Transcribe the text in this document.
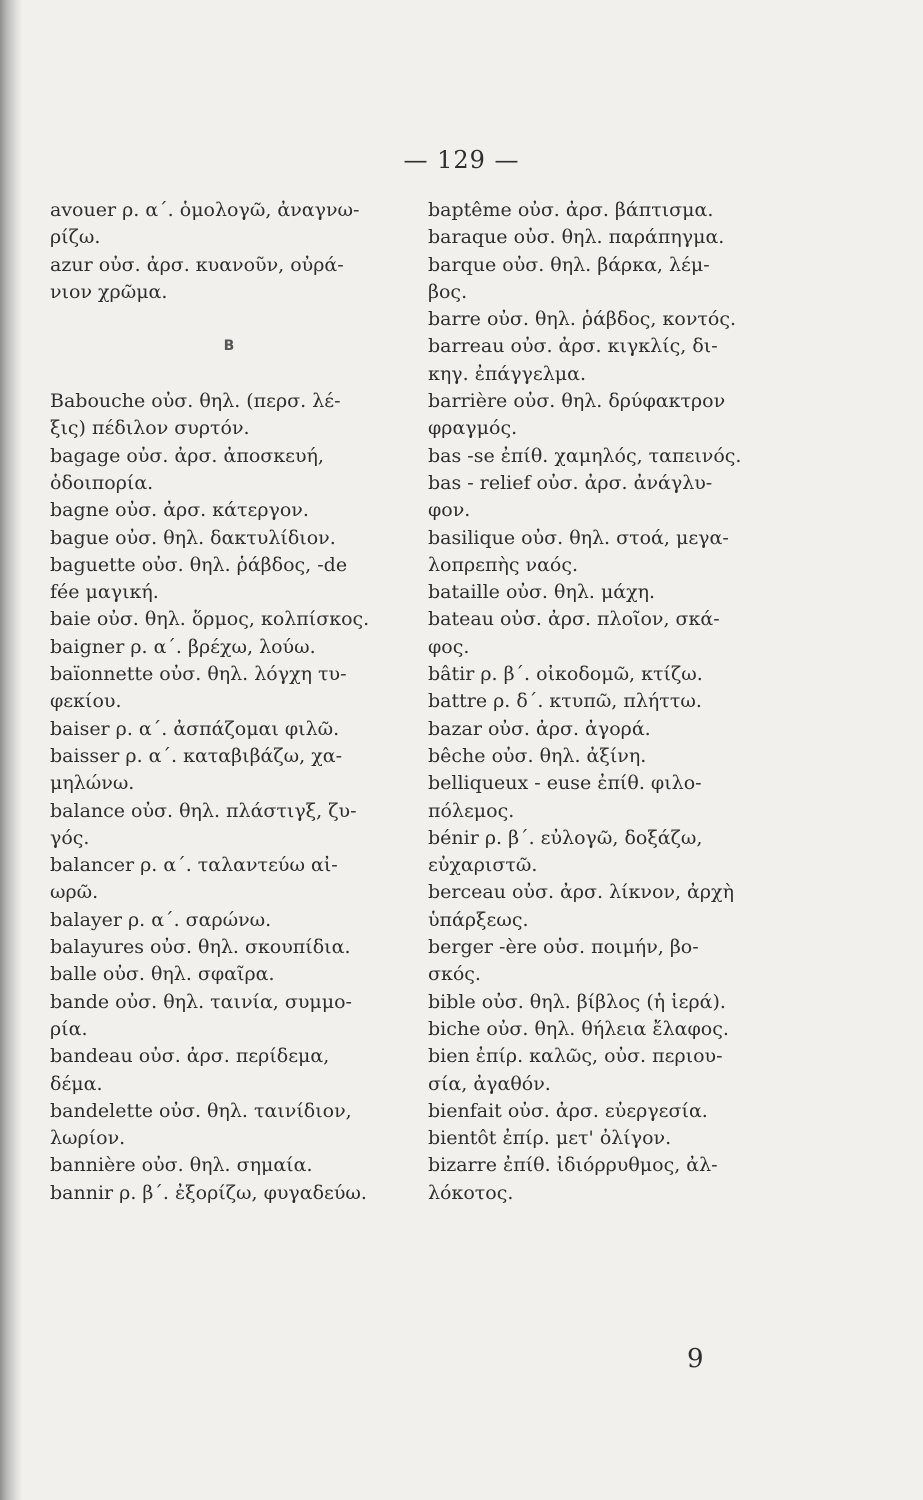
— 129 —
avouer ρ. α΄. ὁμολογῶ, ἀναγνω-
ρίζω.
azur οὐσ. ἀρσ. κυανοῦν, οὐρά-
νιον χρῶμα.
B
Babouche οὐσ. θηλ. (περσ. λέ-
ξις) πέδιλον συρτόν.
bagage οὐσ. ἀρσ. ἀποσκευή,
ὁδοιπορία.
bagne οὐσ. ἀρσ. κάτεργον.
bague οὐσ. θηλ. δακτυλίδιον.
baguette οὐσ. θηλ. ῥάβδος, -de
fée μαγική.
baie οὐσ. θηλ. ὅρμος, κολπίσκος.
baigner ρ. α΄. βρέχω, λούω.
baïonnette οὐσ. θηλ. λόγχη τυ-
φεκίου.
baiser ρ. α΄. ἀσπάζομαι φιλῶ.
baisser ρ. α΄. καταβιβάζω, χα-
μηλώνω.
balance οὐσ. θηλ. πλάστιγξ, ζυ-
γός.
balancer ρ. α΄. ταλαντεύω αἰ-
ωρῶ.
balayer ρ. α΄. σαρώνω.
balayures οὐσ. θηλ. σκουπίδια.
balle οὐσ. θηλ. σφαῖρα.
bande οὐσ. θηλ. ταινία, συμμο-
ρία.
bandeau οὐσ. ἀρσ. περίδεμα,
δέμα.
bandelette οὐσ. θηλ. ταινίδιον,
λωρίον.
bannière οὐσ. θηλ. σημαία.
bannir ρ. β΄. ἐξορίζω, φυγαδεύω.
baptême οὐσ. ἀρσ. βάπτισμα.
baraque οὐσ. θηλ. παράπηγμα.
barque οὐσ. θηλ. βάρκα, λέμ-
βος.
barre οὐσ. θηλ. ῥάβδος, κοντός.
barreau οὐσ. ἀρσ. κιγκλίς, δι-
κηγ. ἐπάγγελμα.
barrière οὐσ. θηλ. δρύφακτρον
φραγμός.
bas -se ἐπίθ. χαμηλός, ταπεινός.
bas - relief οὐσ. ἀρσ. ἀνάγλυ-
φον.
basilique οὐσ. θηλ. στοά, μεγα-
λοπρεπὴς ναός.
bataille οὐσ. θηλ. μάχη.
bateau οὐσ. ἀρσ. πλοῖον, σκά-
φος.
bâtir ρ. β΄. οἰκοδομῶ, κτίζω.
battre ρ. δ΄. κτυπῶ, πλήττω.
bazar οὐσ. ἀρσ. ἀγορά.
bêche οὐσ. θηλ. ἀξίνη.
belliqueux - euse ἐπίθ. φιλο-
πόλεμος.
bénir ρ. β΄. εὐλογῶ, δοξάζω,
εὐχαριστῶ.
berceau οὐσ. ἀρσ. λίκνον, ἀρχὴ
ὑπάρξεως.
berger -ère οὐσ. ποιμήν, βο-
σκός.
bible οὐσ. θηλ. βίβλος (ἡ ἱερά).
biche οὐσ. θηλ. θήλεια ἔλαφος.
bien ἐπίρ. καλῶς, οὐσ. περιου-
σία, ἀγαθόν.
bienfait οὐσ. ἀρσ. εὐεργεσία.
bientôt ἐπίρ. μετ' ὀλίγον.
bizarre ἐπίθ. ἰδιόρρυθμος, ἀλ-
λόκοτος.
9
